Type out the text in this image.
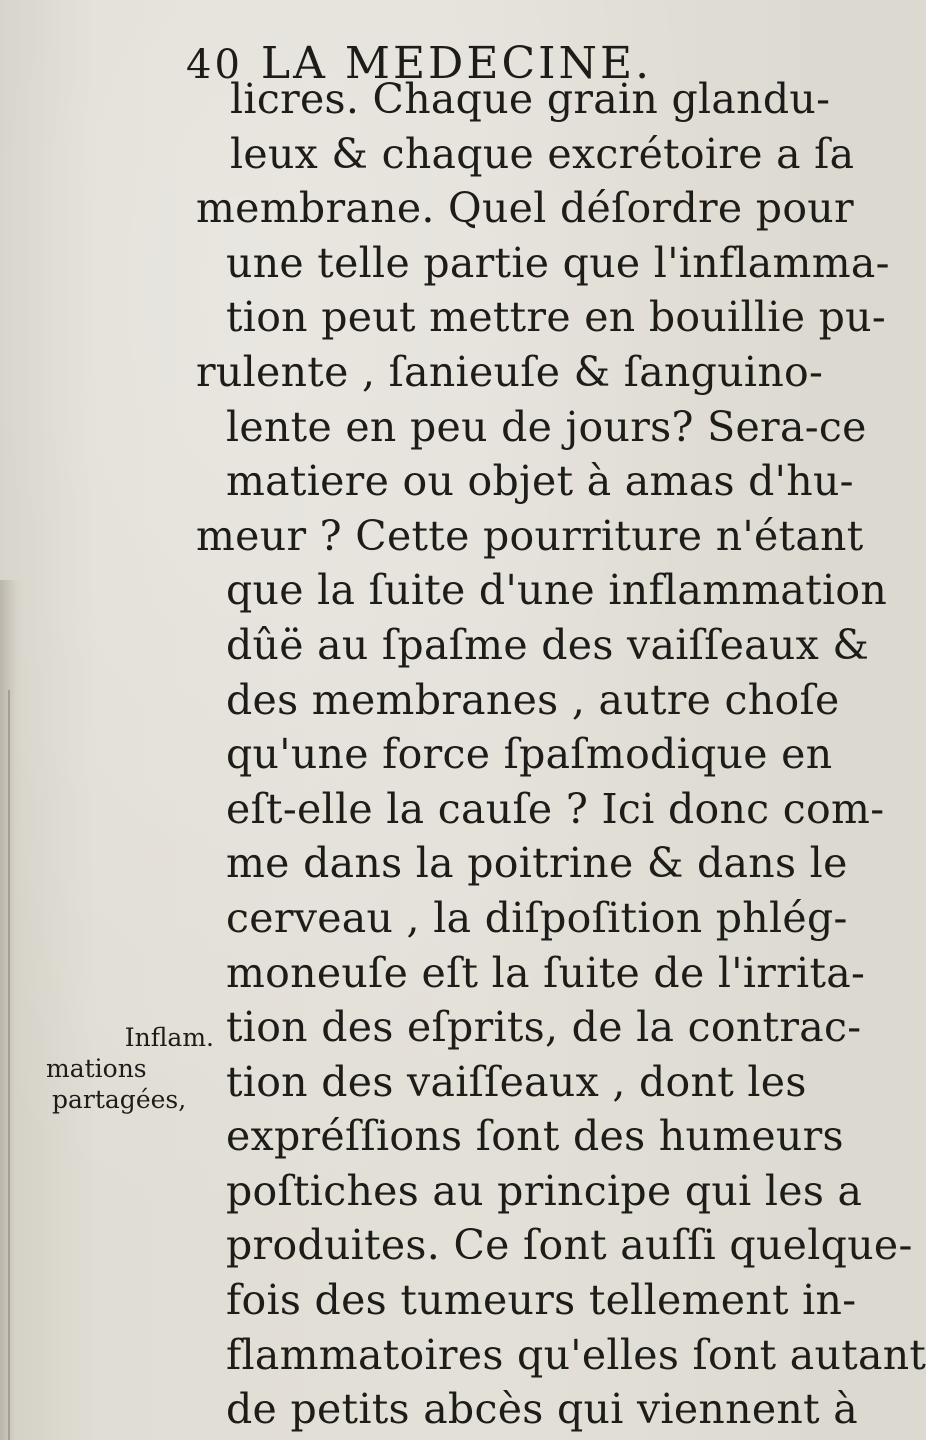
40 LA MEDECINE.
licres. Chaque grain glandu-
leux & chaque excrétoire a ſa
membrane. Quel déſordre pour
une telle partie que l'inflamma-
tion peut mettre en bouillie pu-
rulente , ſanieuſe & ſanguino-
lente en peu de jours? Sera-ce
matiere ou objet à amas d'hu-
meur ? Cette pourriture n'étant
que la ſuite d'une inflammation
dûë au ſpaſme des vaiſſeaux &
des membranes , autre choſe
qu'une force ſpaſmodique en
eſt-elle la cauſe ? Ici donc com-
me dans la poitrine & dans le
cerveau , la diſpoſition phlég-
moneuſe eſt la ſuite de l'irrita-
tion des eſprits, de la contrac-
tion des vaiſſeaux , dont les
expréſſions ſont des humeurs
poſtiches au principe qui les a
produites. Ce ſont auſſi quelque-
fois des tumeurs tellement in-
flammatoires qu'elles ſont autant
de petits abcès qui viennent à
Inflam.
mations
partagées,
